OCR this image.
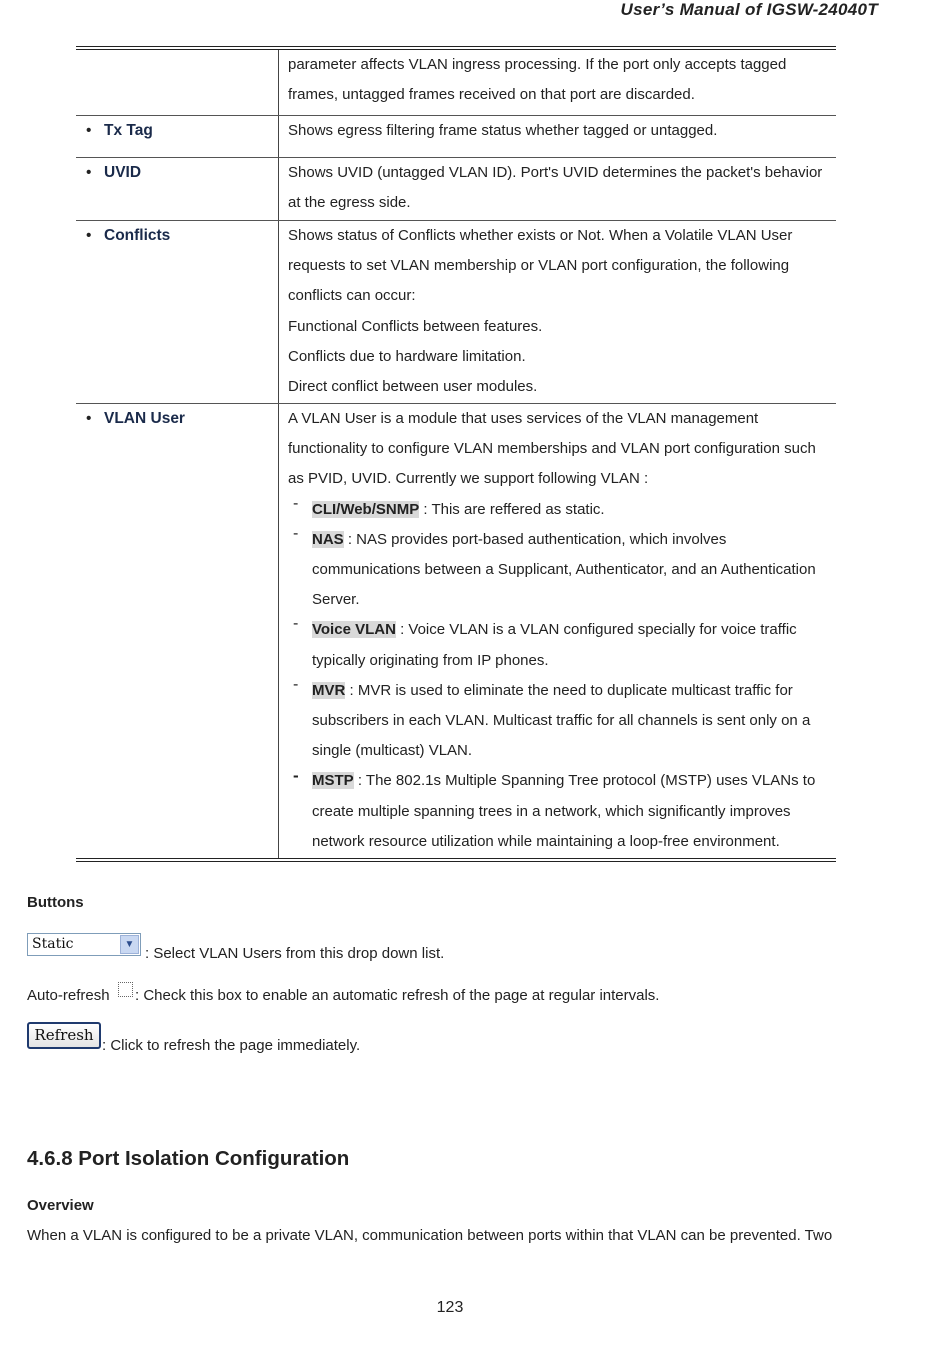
User’s Manual of IGSW-24040T
parameter affects VLAN ingress processing. If the port only accepts tagged
frames, untagged frames received on that port are discarded.
• Tx Tag	Shows egress filtering frame status whether tagged or untagged.
• UVID	Shows UVID (untagged VLAN ID). Port's UVID determines the packet's behavior
at the egress side.
• Conflicts	Shows status of Conflicts whether exists or Not. When a Volatile VLAN User
requests to set VLAN membership or VLAN port configuration, the following
conflicts can occur:
Functional Conflicts between features.
Conflicts due to hardware limitation.
Direct conflict between user modules.
• VLAN User	A VLAN User is a module that uses services of the VLAN management
functionality to configure VLAN memberships and VLAN port configuration such
as PVID, UVID. Currently we support following VLAN :
- CLI/Web/SNMP : This are reffered as static.
- NAS : NAS provides port-based authentication, which involves
communications between a Supplicant, Authenticator, and an Authentication
Server.
- Voice VLAN : Voice VLAN is a VLAN configured specially for voice traffic
typically originating from IP phones.
- MVR : MVR is used to eliminate the need to duplicate multicast traffic for
subscribers in each VLAN. Multicast traffic for all channels is sent only on a
single (multicast) VLAN.
- MSTP : The 802.1s Multiple Spanning Tree protocol (MSTP) uses VLANs to
create multiple spanning trees in a network, which significantly improves
network resource utilization while maintaining a loop-free environment.
Buttons
Static	▼
: Select VLAN Users from this drop down list.
Auto-refresh : Check this box to enable an automatic refresh of the page at regular intervals.
Refresh
: Click to refresh the page immediately.
4.6.8 Port Isolation Configuration
Overview
When a VLAN is configured to be a private VLAN, communication between ports within that VLAN can be prevented. Two
123
